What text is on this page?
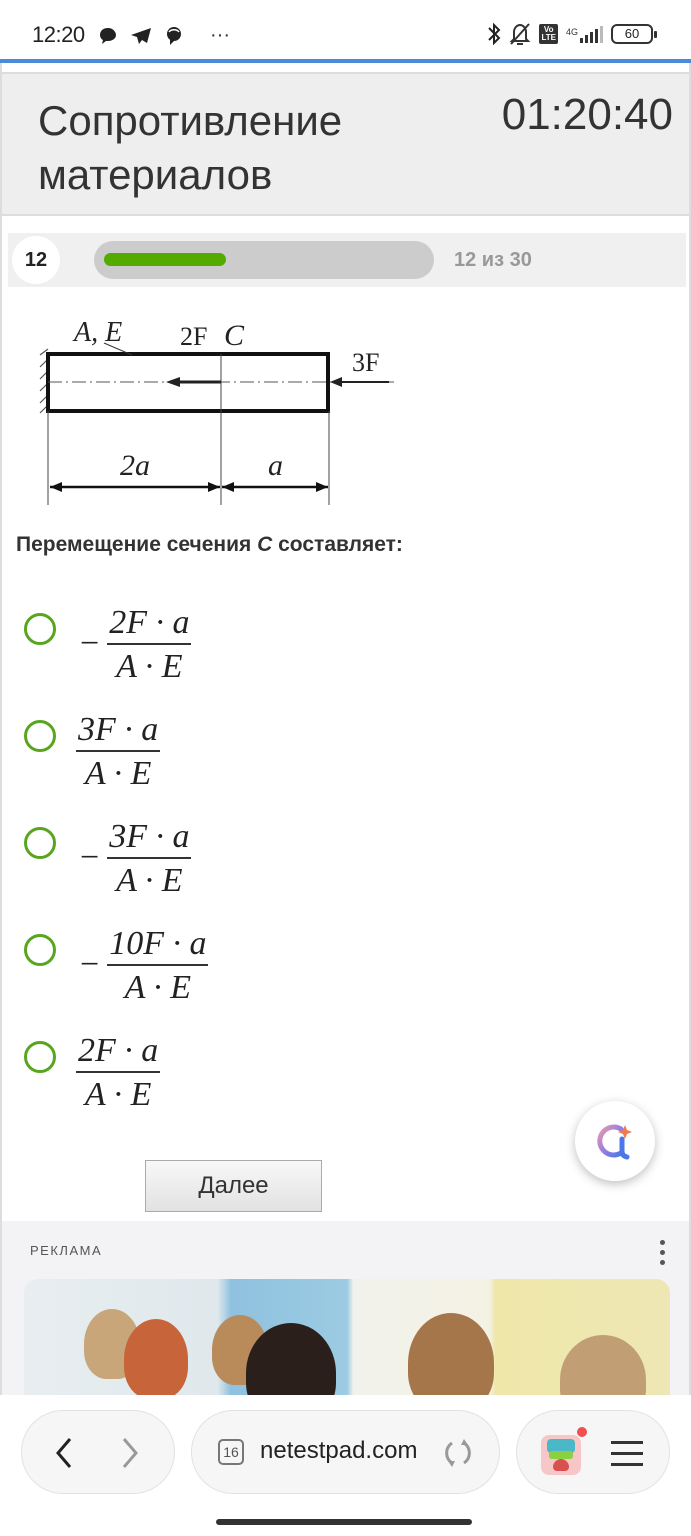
12:20	···	Vo
LTE
4G	60
Сопротивление
материалов
01:20:40
12	12 из 30
A, E 2F C
3F
2a	a
Перемещение сечения C составляет:
− $\frac{2F \cdot a}{A \cdot E}$
$\frac{3F \cdot a}{A \cdot E}$
− $\frac{3F \cdot a}{A \cdot E}$
− $\frac{10F \cdot a}{A \cdot E}$
$\frac{2F \cdot a}{A \cdot E}$
Далее
РЕКЛАМА
16 netestpad.com
